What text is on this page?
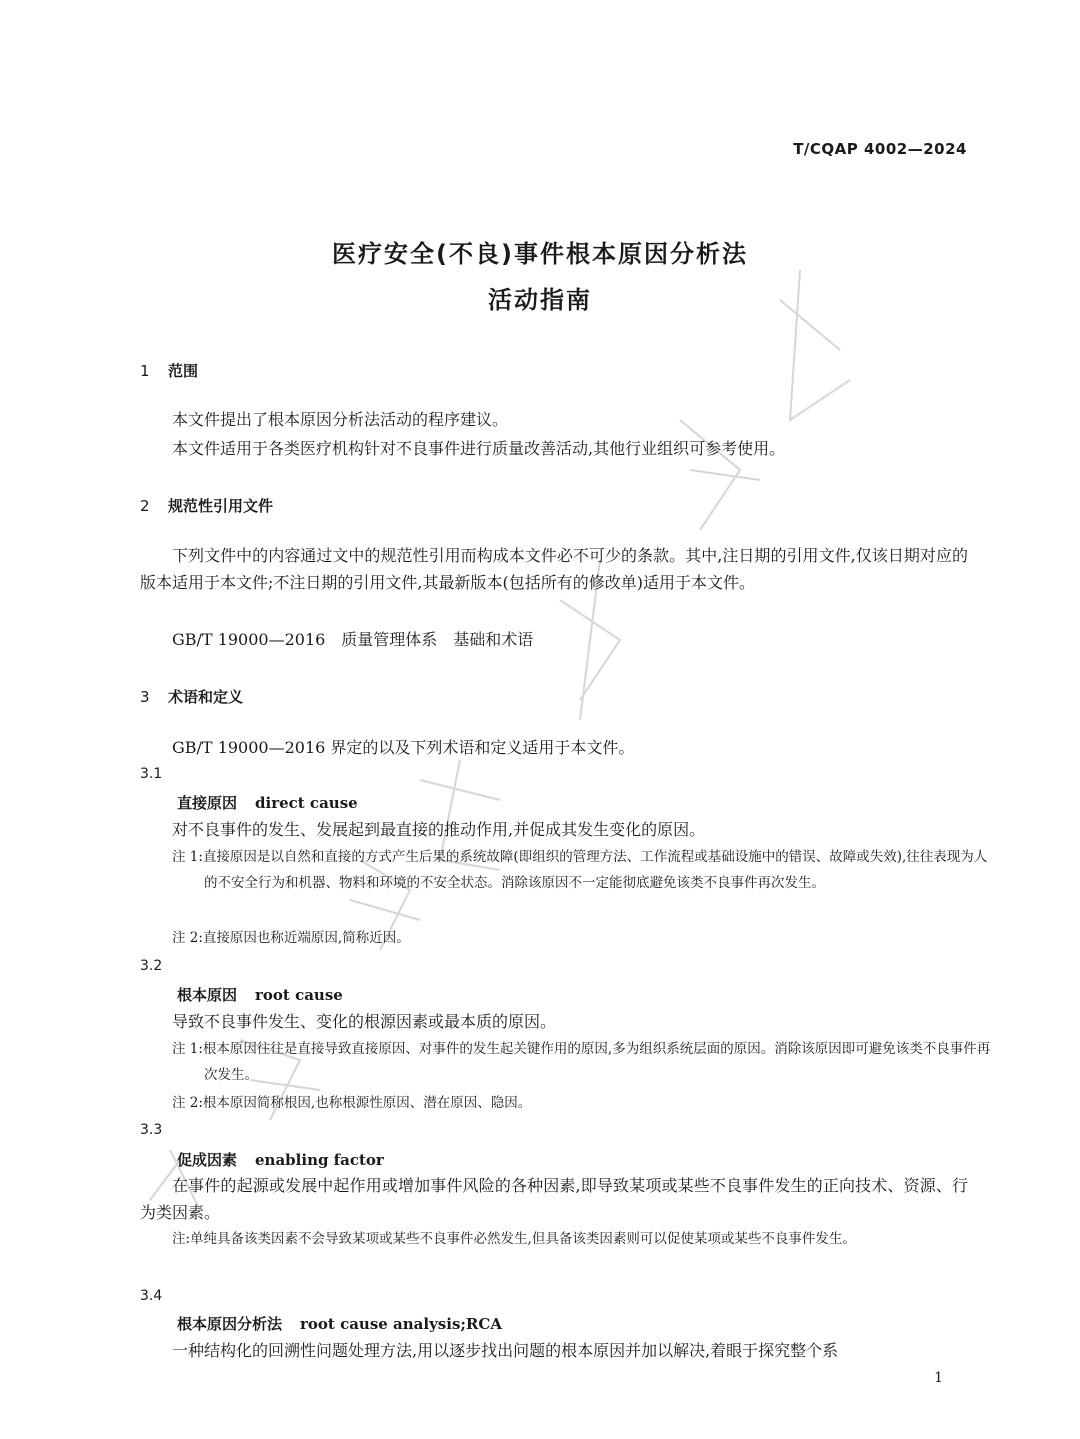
T/CQAP 4002—2024
医疗安全(不良)事件根本原因分析法
活动指南
1 范围
本文件提出了根本原因分析法活动的程序建议。
本文件适用于各类医疗机构针对不良事件进行质量改善活动,其他行业组织可参考使用。
2 规范性引用文件
下列文件中的内容通过文中的规范性引用而构成本文件必不可少的条款。其中,注日期的引用文件,仅该日期对应的版本适用于本文件;不注日期的引用文件,其最新版本(包括所有的修改单)适用于本文件。
GB/T 19000—2016　质量管理体系　基础和术语
3 术语和定义
GB/T 19000—2016 界定的以及下列术语和定义适用于本文件。
3.1
直接原因 direct cause
对不良事件的发生、发展起到最直接的推动作用,并促成其发生变化的原因。
注 1:直接原因是以自然和直接的方式产生后果的系统故障(即组织的管理方法、工作流程或基础设施中的错误、故障或失效),往往表现为人的不安全行为和机器、物料和环境的不安全状态。消除该原因不一定能彻底避免该类不良事件再次发生。
注 2:直接原因也称近端原因,简称近因。
3.2
根本原因 root cause
导致不良事件发生、变化的根源因素或最本质的原因。
注 1:根本原因往往是直接导致直接原因、对事件的发生起关键作用的原因,多为组织系统层面的原因。消除该原因即可避免该类不良事件再次发生。
注 2:根本原因简称根因,也称根源性原因、潜在原因、隐因。
3.3
促成因素 enabling factor
在事件的起源或发展中起作用或增加事件风险的各种因素,即导致某项或某些不良事件发生的正向技术、资源、行为类因素。
注:单纯具备该类因素不会导致某项或某些不良事件必然发生,但具备该类因素则可以促使某项或某些不良事件发生。
3.4
根本原因分析法 root cause analysis;RCA
一种结构化的回溯性问题处理方法,用以逐步找出问题的根本原因并加以解决,着眼于探究整个系
1
